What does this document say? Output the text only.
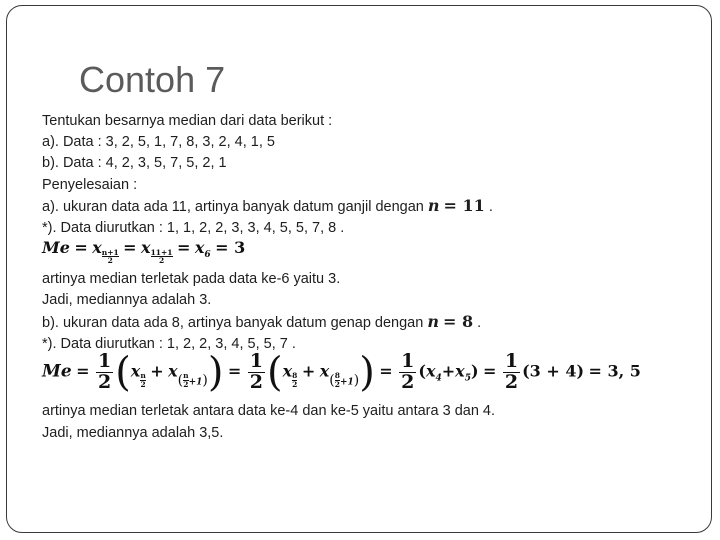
Contoh 7
Tentukan besarnya median dari data berikut :
a). Data : 3, 2, 5, 1, 7, 8, 3, 2, 4, 1, 5
b). Data : 4, 2, 3, 5, 7, 5, 2, 1
Penyelesaian :
a). ukuran data ada 11, artinya banyak datum ganjil dengan n = 11 .
*). Data diurutkan : 1, 1, 2, 2, 3, 3, 4, 5, 5, 7, 8 .
Me = x $\frac{n+1}{2} = x \frac{11+1}{2} = x_6 = 3$
artinya median terletak pada data ke-6 yaitu 3.
Jadi, mediannya adalah 3.
b). ukuran data ada 8, artinya banyak datum genap dengan n = 8 .
*). Data diurutkan : 1, 2, 2, 3, 4, 5, 5, 7 .
$Me = \frac{1}{2} (x \frac{n}{2} + x( \frac{n}{2} _{+1})) = \frac{1}{2} (x \frac{8}{2} + x( \frac{8}{2} _{+1})) = \frac{1}{2} (x_4+x_5) = \frac{1}{2} (3 + 4) = 3$, 5
artinya median terletak antara data ke-4 dan ke-5 yaitu antara 3 dan 4.
Jadi, mediannya adalah 3,5.
